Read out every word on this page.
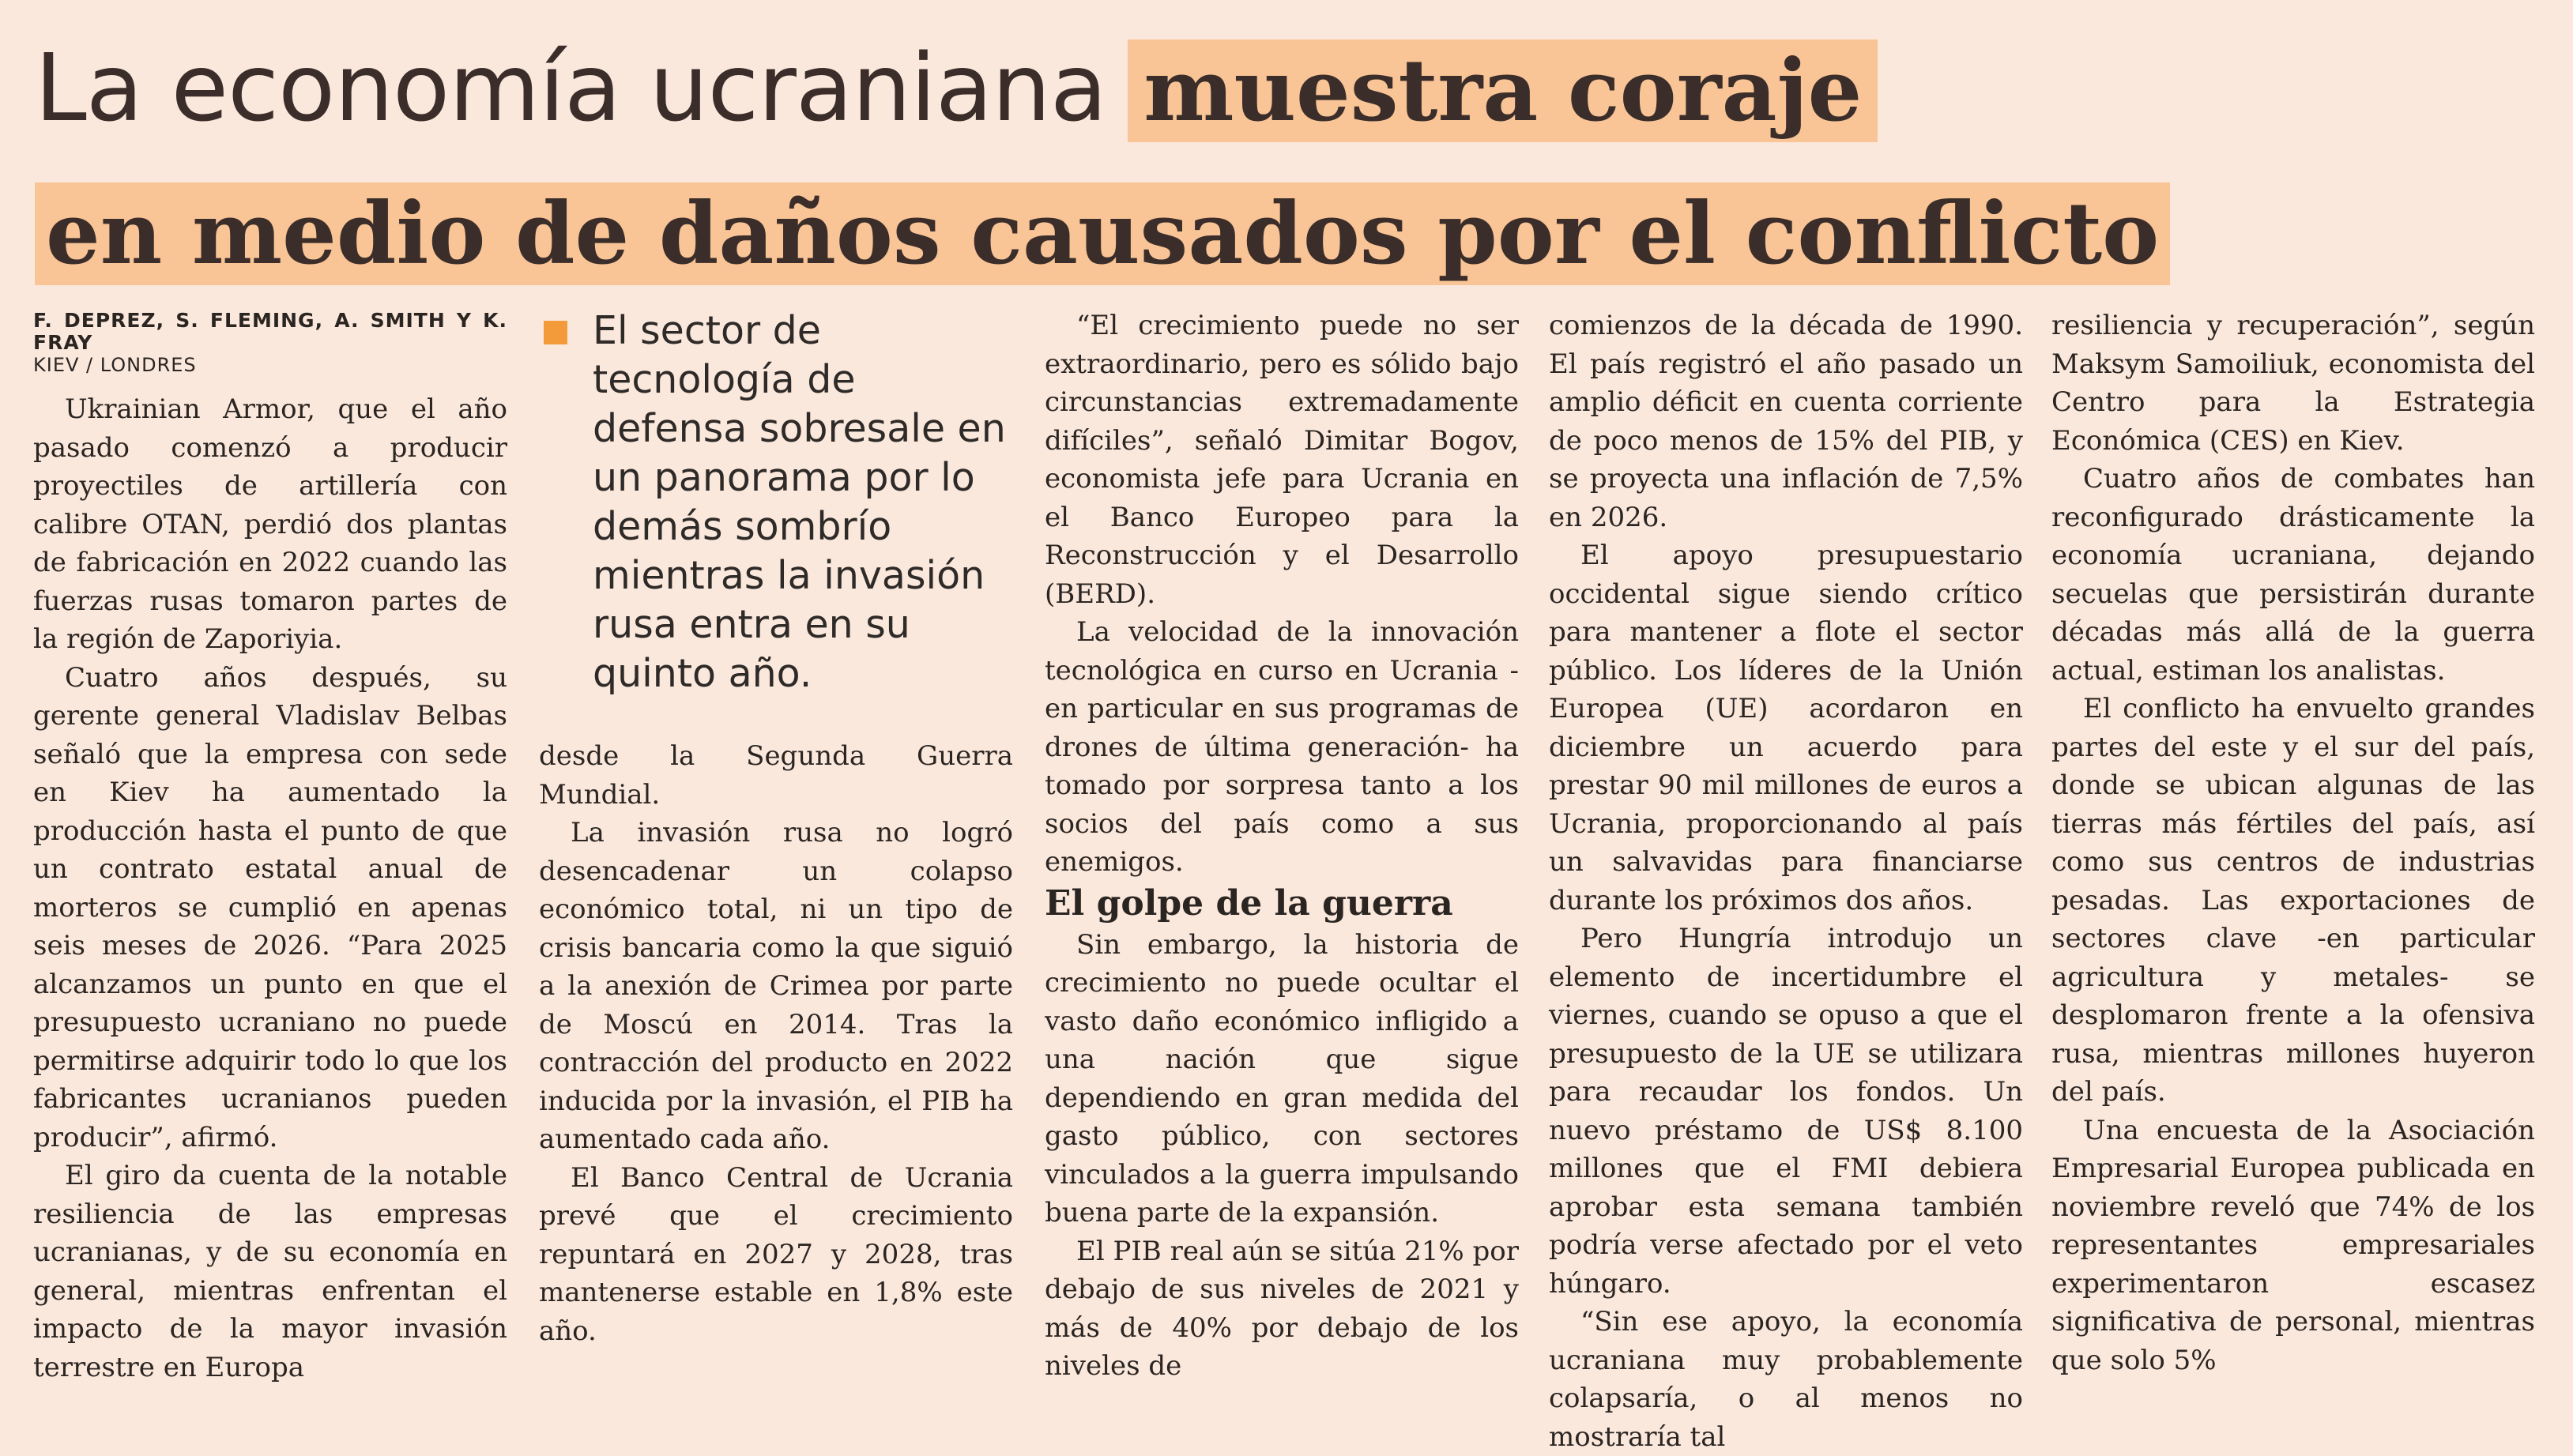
La economía ucraniana muestra coraje
en medio de daños causados por el conflicto
F. DEPREZ, S. FLEMING, A. SMITH Y K. FRAY
KIEV / LONDRES

Ukrainian Armor, que el año pasado comenzó a producir proyectiles de artillería con calibre OTAN, perdió dos plantas de fabricación en 2022 cuando las fuerzas rusas tomaron partes de la región de Zaporiyia.

Cuatro años después, su gerente general Vladislav Belbas señaló que la empresa con sede en Kiev ha aumentado la producción hasta el punto de que un contrato estatal anual de morteros se cumplió en apenas seis meses de 2026. “Para 2025 alcanzamos un punto en que el presupuesto ucraniano no puede permitirse adquirir todo lo que los fabricantes ucranianos pueden producir”, afirmó.

El giro da cuenta de la notable resiliencia de las empresas ucranianas, y de su economía en general, mientras enfrentan el impacto de la mayor invasión terrestre en Europa

El sector de tecnología de defensa sobresale en un panorama por lo demás sombrío mientras la invasión rusa entra en su quinto año.

desde la Segunda Guerra Mundial.

La invasión rusa no logró desencadenar un colapso económico total, ni un tipo de crisis bancaria como la que siguió a la anexión de Crimea por parte de Moscú en 2014. Tras la contracción del producto en 2022 inducida por la invasión, el PIB ha aumentado cada año.

El Banco Central de Ucrania prevé que el crecimiento repuntará en 2027 y 2028, tras mantenerse estable en 1,8% este año.

“El crecimiento puede no ser extraordinario, pero es sólido bajo circunstancias extremadamente difíciles”, señaló Dimitar Bogov, economista jefe para Ucrania en el Banco Europeo para la Reconstrucción y el Desarrollo (BERD).

La velocidad de la innovación tecnológica en curso en Ucrania -en particular en sus programas de drones de última generación- ha tomado por sorpresa tanto a los socios del país como a sus enemigos.

El golpe de la guerra

Sin embargo, la historia de crecimiento no puede ocultar el vasto daño económico infligido a una nación que sigue dependiendo en gran medida del gasto público, con sectores vinculados a la guerra impulsando buena parte de la expansión.

El PIB real aún se sitúa 21% por debajo de sus niveles de 2021 y más de 40% por debajo de los niveles de

comienzos de la década de 1990. El país registró el año pasado un amplio déficit en cuenta corriente de poco menos de 15% del PIB, y se proyecta una inflación de 7,5% en 2026.

El apoyo presupuestario occidental sigue siendo crítico para mantener a flote el sector público. Los líderes de la Unión Europea (UE) acordaron en diciembre un acuerdo para prestar 90 mil millones de euros a Ucrania, proporcionando al país un salvavidas para financiarse durante los próximos dos años.

Pero Hungría introdujo un elemento de incertidumbre el viernes, cuando se opuso a que el presupuesto de la UE se utilizara para recaudar los fondos. Un nuevo préstamo de US$ 8.100 millones que el FMI debiera aprobar esta semana también podría verse afectado por el veto húngaro.

“Sin ese apoyo, la economía ucraniana muy probablemente colapsaría, o al menos no mostraría tal

resiliencia y recuperación”, según Maksym Samoiliuk, economista del Centro para la Estrategia Económica (CES) en Kiev.

Cuatro años de combates han reconfigurado drásticamente la economía ucraniana, dejando secuelas que persistirán durante décadas más allá de la guerra actual, estiman los analistas.

El conflicto ha envuelto grandes partes del este y el sur del país, donde se ubican algunas de las tierras más fértiles del país, así como sus centros de industrias pesadas. Las exportaciones de sectores clave -en particular agricultura y metales- se desplomaron frente a la ofensiva rusa, mientras millones huyeron del país.

Una encuesta de la Asociación Empresarial Europea publicada en noviembre reveló que 74% de los representantes empresariales experimentaron escasez significativa de personal, mientras que solo 5%
